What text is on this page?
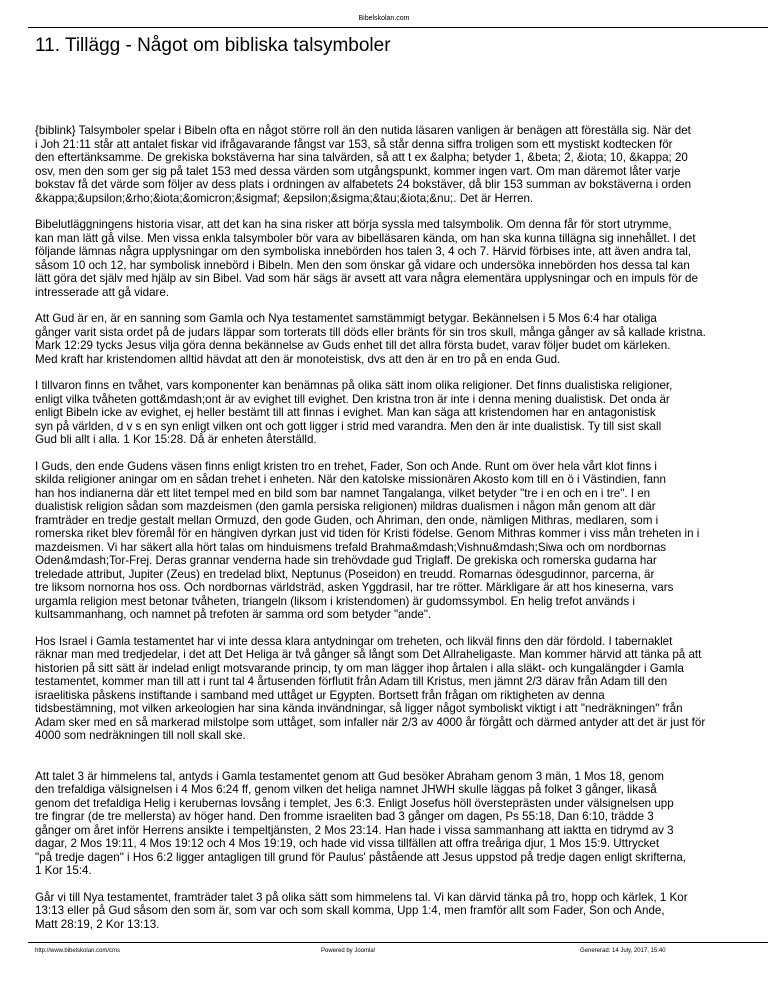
Bibelskolan.com
11. Tillägg - Något om bibliska talsymboler

{biblink} Talsymboler spelar i Bibeln ofta en något större roll än den nutida läsaren vanligen är benägen att föreställa sig. När det
i Joh 21:11 står att antalet fiskar vid ifrågavarande fångst var 153, så står denna siffra troligen som ett mystiskt kodtecken för
den eftertänksamme. De grekiska bokstäverna har sina talvärden, så att t ex &alpha; betyder 1, &beta; 2, &iota; 10, &kappa; 20
osv, men den som ger sig på talet 153 med dessa värden som utgångspunkt, kommer ingen vart. Om man däremot låter varje
bokstav få det värde som följer av dess plats i ordningen av alfabetets 24 bokstäver, då blir 153 summan av bokstäverna i orden
&kappa;&upsilon;&rho;&iota;&omicron;&sigmaf; &epsilon;&sigma;&tau;&iota;&nu;. Det är Herren.

Bibelutläggningens historia visar, att det kan ha sina risker att börja syssla med talsymbolik. Om denna får för stort utrymme,
kan man lätt gå vilse. Men vissa enkla talsymboler bör vara av bibelläsaren kända, om han ska kunna tillägna sig innehållet. I det
följande lämnas några upplysningar om den symboliska innebörden hos talen 3, 4 och 7. Härvid förbises inte, att även andra tal,
såsom 10 och 12, har symbolisk innebörd i Bibeln. Men den som önskar gå vidare och undersöka innebörden hos dessa tal kan
lätt göra det själv med hjälp av sin Bibel. Vad som här sägs är avsett att vara några elementära upplysningar och en impuls för de
intresserade att gå vidare.

Att Gud är en, är en sanning som Gamla och Nya testamentet samstämmigt betygar. Bekännelsen i 5 Mos 6:4 har otaliga
gånger varit sista ordet på de judars läppar som torterats till döds eller bränts för sin tros skull, många gånger av så kallade kristna.
Mark 12:29 tycks Jesus vilja göra denna bekännelse av Guds enhet till det allra första budet, varav följer budet om kärleken.
Med kraft har kristendomen alltid hävdat att den är monoteistisk, dvs att den är en tro på en enda Gud.

I tillvaron finns en tvåhet, vars komponenter kan benämnas på olika sätt inom olika religioner. Det finns dualistiska religioner,
enligt vilka tvåheten gott&mdash;ont är av evighet till evighet. Den kristna tron är inte i denna mening dualistisk. Det onda är
enligt Bibeln icke av evighet, ej heller bestämt till att finnas i evighet. Man kan säga att kristendomen har en antagonistisk
syn på världen, d v s en syn enligt vilken ont och gott ligger i strid med varandra. Men den är inte dualistisk. Ty till sist skall
Gud bli allt i alla. 1 Kor 15:28. Då är enheten återställd.

I Guds, den ende Gudens väsen finns enligt kristen tro en trehet, Fader, Son och Ande. Runt om över hela vårt klot finns i
skilda religioner aningar om en sådan trehet i enheten. När den katolske missionären Akosto kom till en ö i Västindien, fann
han hos indianerna där ett litet tempel med en bild som bar namnet Tangalanga, vilket betyder "tre i en och en i tre". I en
dualistisk religion sådan som mazdeismen (den gamla persiska religionen) mildras dualismen i någon mån genom att där
framträder en tredje gestalt mellan Ormuzd, den gode Guden, och Ahriman, den onde, nämligen Mithras, medlaren, som i
romerska riket blev föremål för en hängiven dyrkan just vid tiden för Kristi födelse. Genom Mithras kommer i viss mån treheten in i
mazdeismen. Vi har säkert alla hört talas om hinduismens trefald Brahma&mdash;Vishnu&mdash;Siwa och om nordbornas
Oden&mdash;Tor-Frej. Deras grannar venderna hade sin trehövdade gud Triglaff. De grekiska och romerska gudarna har
treledade attribut, Jupiter (Zeus) en tredelad blixt, Neptunus (Poseidon) en treudd. Romarnas ödesgudinnor, parcerna, är
tre liksom nornorna hos oss. Och nordbornas världsträd, asken Yggdrasil, har tre rötter. Märkligare är att hos kineserna, vars
urgamla religion mest betonar tvåheten, triangeln (liksom i kristendomen) är gudomssymbol. En helig trefot används i
kultsammanhang, och namnet på trefoten är samma ord som betyder "ande".

Hos Israel i Gamla testamentet har vi inte dessa klara antydningar om treheten, och likväl finns den där fördold. I tabernaklet
räknar man med tredjedelar, i det att Det Heliga är två gånger så långt som Det Allraheligaste. Man kommer härvid att tänka på att
historien på sitt sätt är indelad enligt motsvarande princip, ty om man lägger ihop årtalen i alla släkt- och kungalängder i Gamla
testamentet, kommer man till att i runt tal 4 årtusenden förflutit från Adam till Kristus, men jämnt 2/3 därav från Adam till den
israelitiska påskens instiftande i samband med uttåget ur Egypten. Bortsett från frågan om riktigheten av denna
tidsbestämning, mot vilken arkeologien har sina kända invändningar, så ligger något symboliskt viktigt i att "nedräkningen" från
Adam sker med en så markerad milstolpe som uttåget, som infaller när 2/3 av 4000 år förgått och därmed antyder att det är just för
4000 som nedräkningen till noll skall ske.

Att talet 3 är himmelens tal, antyds i Gamla testamentet genom att Gud besöker Abraham genom 3 män, 1 Mos 18, genom
den trefaldiga välsignelsen i 4 Mos 6:24 ff, genom vilken det heliga namnet JHWH skulle läggas på folket 3 gånger, likaså
genom det trefaldiga Helig i kerubernas lovsång i templet, Jes 6:3. Enligt Josefus höll översteprästen under välsignelsen upp
tre fingrar (de tre mellersta) av höger hand. Den fromme israeliten bad 3 gånger om dagen, Ps 55:18, Dan 6:10, trädde 3
gånger om året inför Herrens ansikte i tempeltjänsten, 2 Mos 23:14. Han hade i vissa sammanhang att iaktta en tidrymd av 3
dagar, 2 Mos 19:11, 4 Mos 19:12 och 4 Mos 19:19, och hade vid vissa tillfällen att offra treåriga djur, 1 Mos 15:9. Uttrycket
"på tredje dagen" i Hos 6:2 ligger antagligen till grund för Paulus' påstående att Jesus uppstod på tredje dagen enligt skrifterna,
1 Kor 15:4.

Går vi till Nya testamentet, framträder talet 3 på olika sätt som himmelens tal. Vi kan därvid tänka på tro, hopp och kärlek, 1 Kor
13:13 eller på Gud såsom den som är, som var och som skall komma, Upp 1:4, men framför allt som Fader, Son och Ande,
Matt 28:19, 2 Kor 13:13.

http://www.bibelskolan.com/cms	Powered by Joomla!	Genererad: 14 July, 2017, 15:40
